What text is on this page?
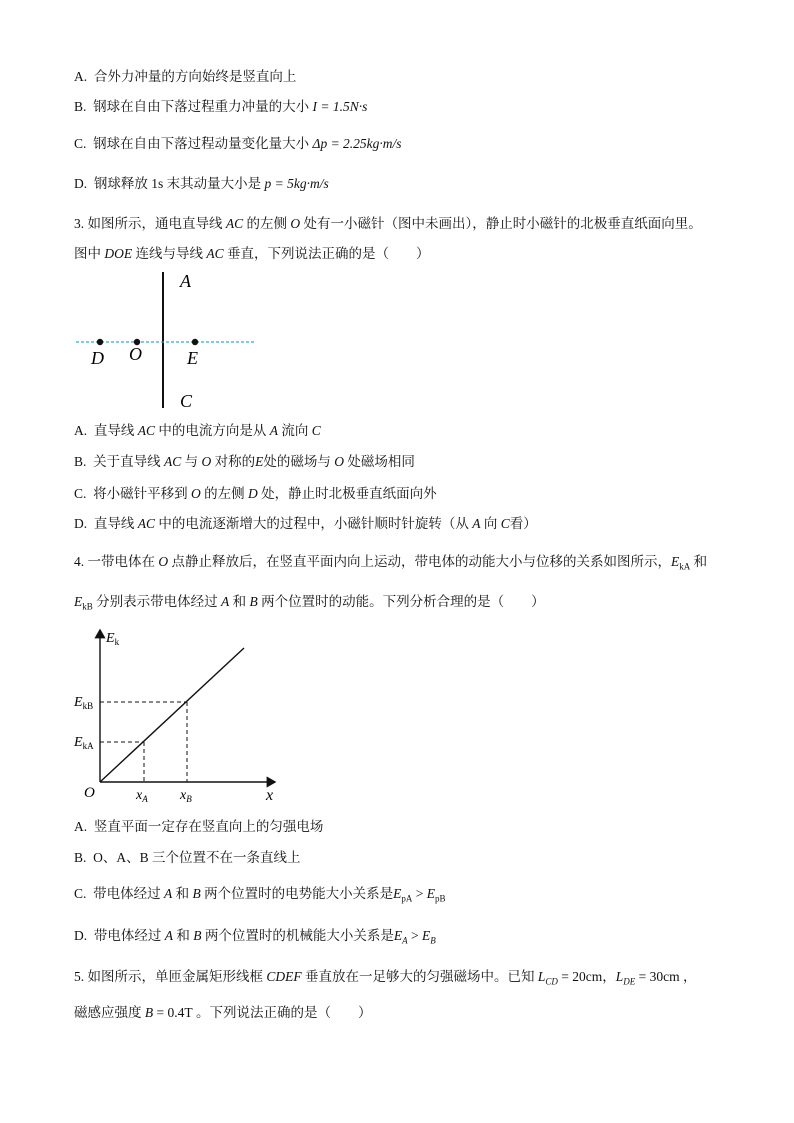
A. 合外力冲量的方向始终是竖直向上
B. 钢球在自由下落过程重力冲量的大小 I = 1.5N·s
C. 钢球在自由下落过程动量变化量大小 Δp = 2.25kg·m/s
D. 钢球释放 1s 末其动量大小是 p = 5kg·m/s
3. 如图所示，通电直导线 AC 的左侧 O 处有一小磁针（图中未画出），静止时小磁针的北极垂直纸面向里。
图中 DOE 连线与导线 AC 垂直，下列说法正确的是（　　）
A
C
D O	E
A. 直导线 AC 中的电流方向是从 A 流向 C
B. 关于直导线 AC 与 O 对称的E处的磁场与 O 处磁场相同
C. 将小磁针平移到 O 的左侧 D 处，静止时北极垂直纸面向外
D. 直导线 AC 中的电流逐渐增大的过程中，小磁针顺时针旋转（从 A 向 C看）
4. 一带电体在 O 点静止释放后，在竖直平面内向上运动，带电体的动能大小与位移的关系如图所示，$E_{kA}$ 和
$E_{kB}$ 分别表示带电体经过 A 和 B 两个位置时的动能。下列分析合理的是（　　）
$E_k$
x
O
$E_{kB}$
$E_{kA}$
$x_A$ $x_B$
A. 竖直平面一定存在竖直向上的匀强电场
B. O、A、B 三个位置不在一条直线上
C. 带电体经过 A 和 B 两个位置时的电势能大小关系是$E_{pA} > E_{pB}$
D. 带电体经过 A 和 B 两个位置时的机械能大小关系是$E_A > E_B$
5. 如图所示，单匝金属矩形线框 CDEF 垂直放在一足够大的匀强磁场中。已知 $L_{CD} = 20cm$，$L_{DE} = 30cm$ ，
磁感应强度 B = 0.4T 。下列说法正确的是（　　）
